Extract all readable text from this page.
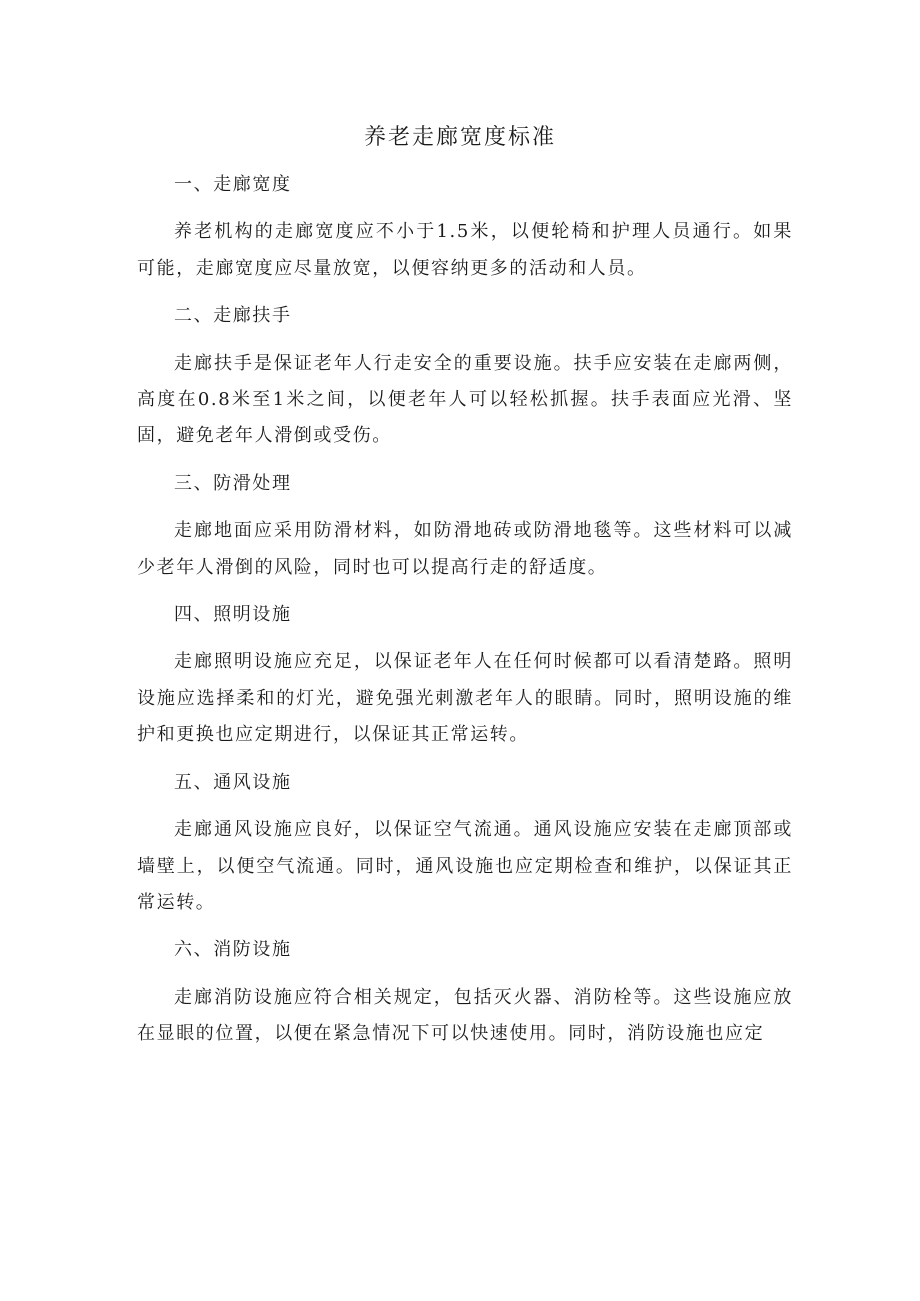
养老走廊宽度标准

一、走廊宽度

养老机构的走廊宽度应不小于1.5米，以便轮椅和护理人员通行。如果可能，走廊宽度应尽量放宽，以便容纳更多的活动和人员。

二、走廊扶手

走廊扶手是保证老年人行走安全的重要设施。扶手应安装在走廊两侧，高度在0.8米至1米之间，以便老年人可以轻松抓握。扶手表面应光滑、坚固，避免老年人滑倒或受伤。

三、防滑处理

走廊地面应采用防滑材料，如防滑地砖或防滑地毯等。这些材料可以减少老年人滑倒的风险，同时也可以提高行走的舒适度。

四、照明设施

走廊照明设施应充足，以保证老年人在任何时候都可以看清楚路。照明设施应选择柔和的灯光，避免强光刺激老年人的眼睛。同时，照明设施的维护和更换也应定期进行，以保证其正常运转。

五、通风设施

走廊通风设施应良好，以保证空气流通。通风设施应安装在走廊顶部或墙壁上，以便空气流通。同时，通风设施也应定期检查和维护，以保证其正常运转。

六、消防设施

走廊消防设施应符合相关规定，包括灭火器、消防栓等。这些设施应放在显眼的位置，以便在紧急情况下可以快速使用。同时，消防设施也应定
